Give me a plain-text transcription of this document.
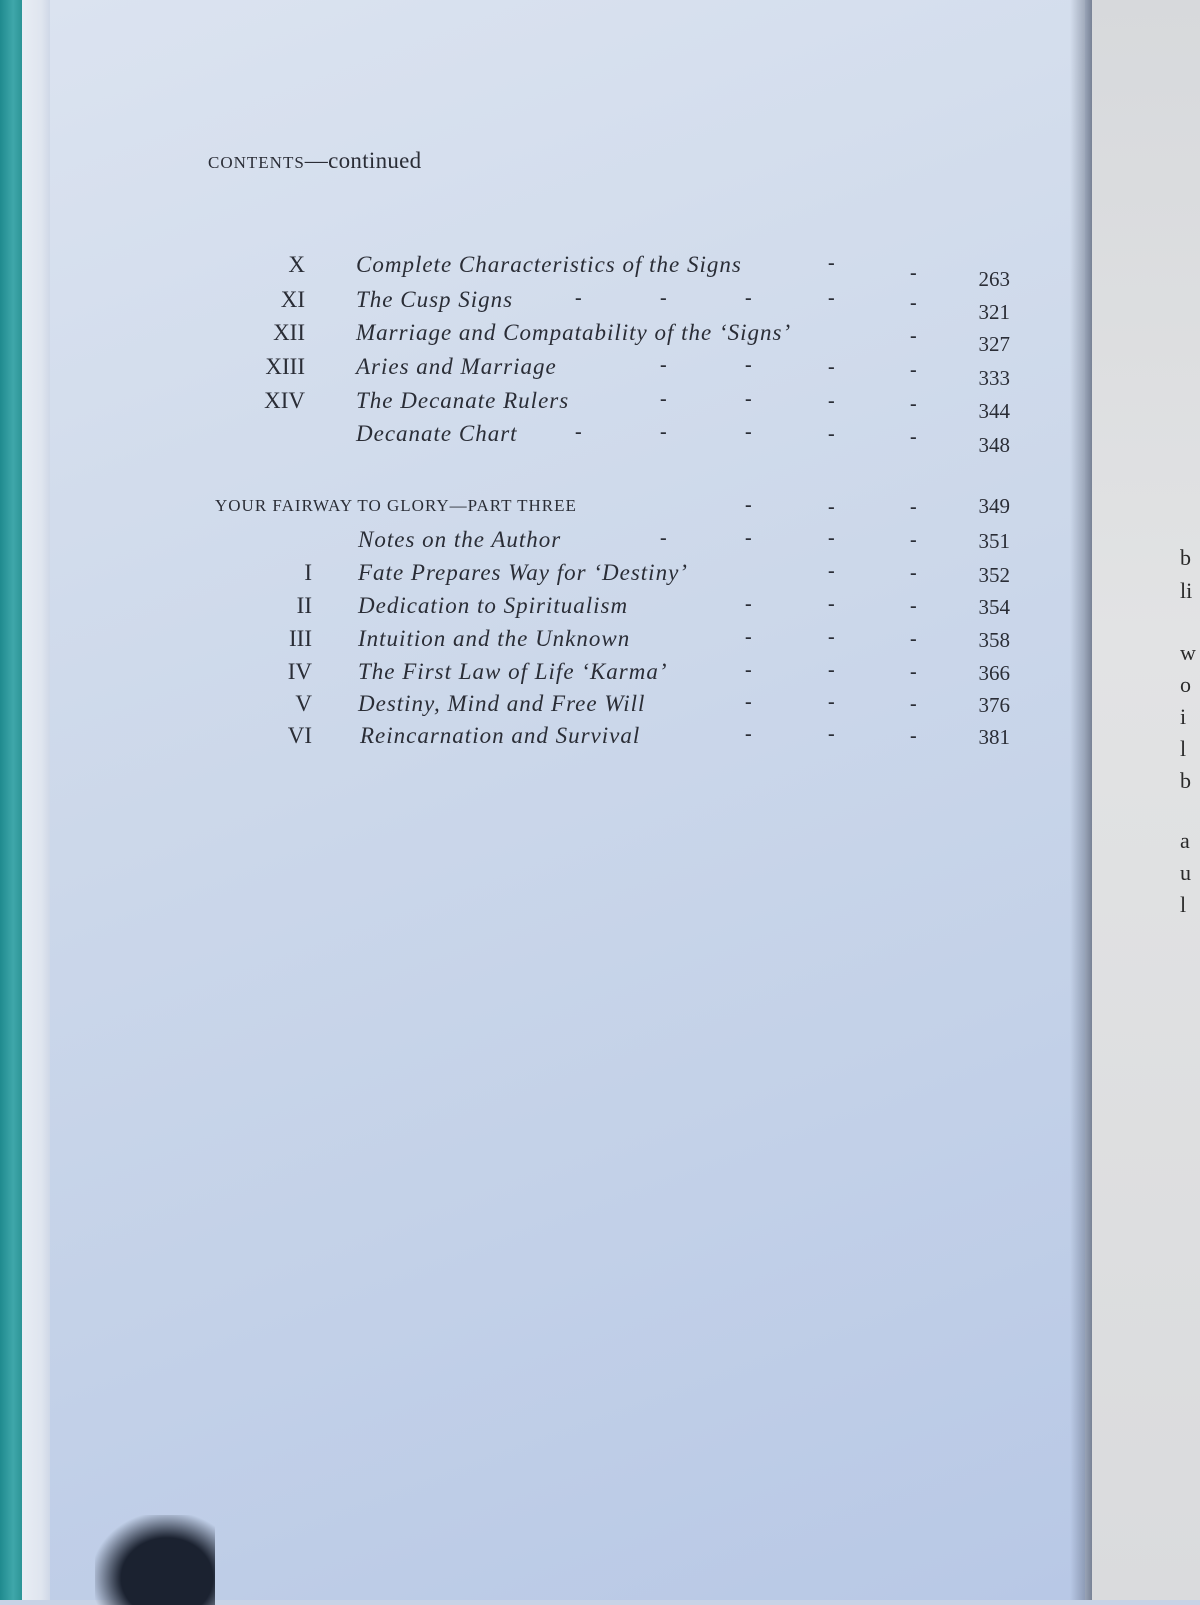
b
li
w
o
i
l
b
a
u
l
CONTENTS—continued
X Complete Characteristics of the Signs	-	-	263
XI The Cusp Signs	-	-	-	-	-	321
XII Marriage and Compatability of the ‘Signs’	-	327
XIII Aries and Marriage	-	-	-	-	333
XIV The Decanate Rulers	-	-	-	-	344
Decanate Chart	-	-	-	-	-	348
YOUR FAIRWAY TO GLORY—PART THREE	-	-	-	349
Notes on the Author	-	-	-	-	351
I Fate Prepares Way for ‘Destiny’	-	-	352
II Dedication to Spiritualism	-	-	-	354
III Intuition and the Unknown	-	-	-	358
IV The First Law of Life ‘Karma’	-	-	-	366
V Destiny, Mind and Free Will	-	-	-	376
VI Reincarnation and Survival	-	-	-	381
